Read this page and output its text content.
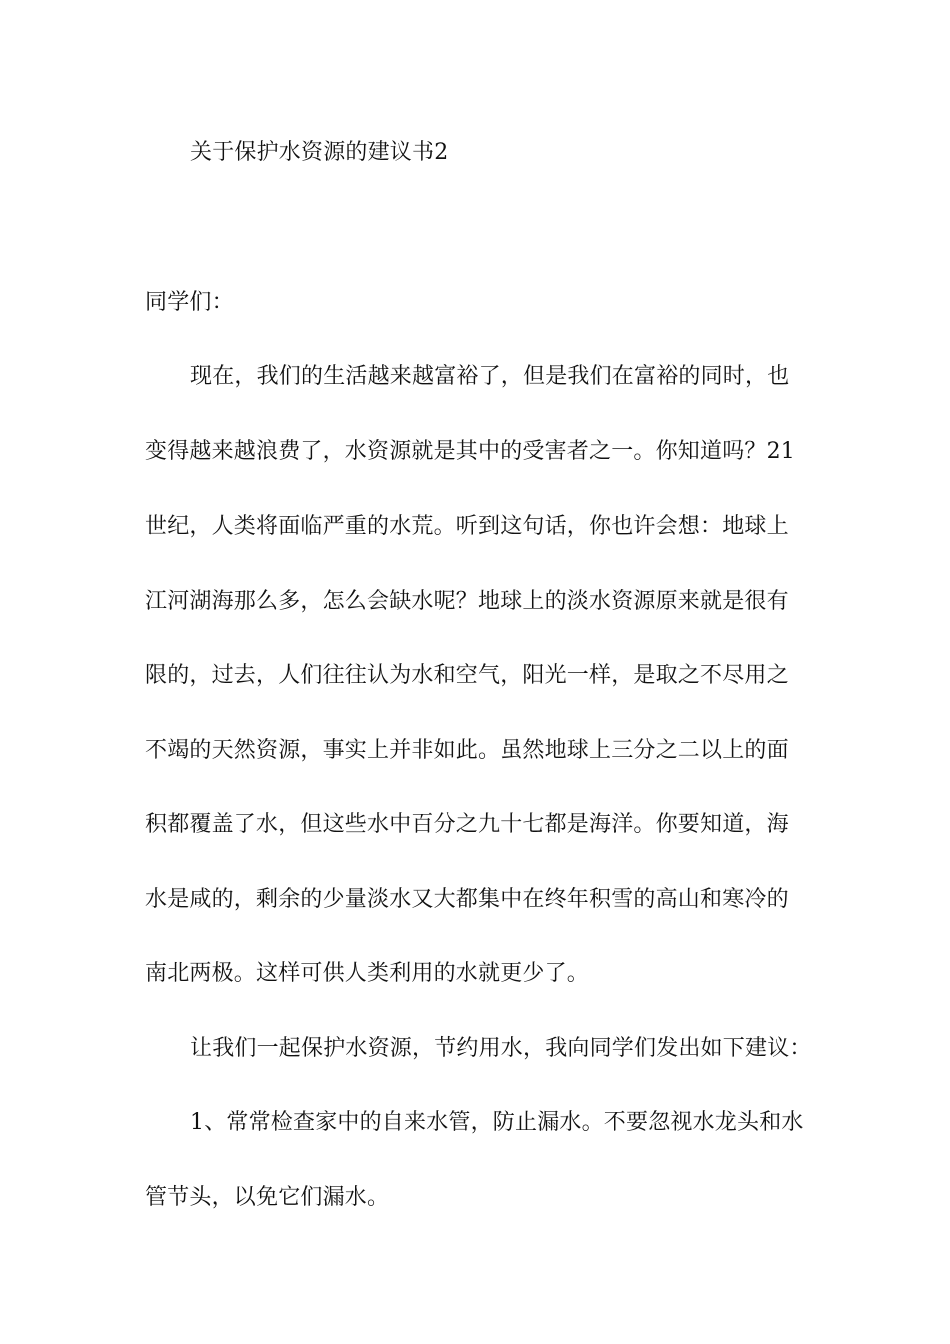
关于保护水资源的建议书2
同学们：
现在，我们的生活越来越富裕了，但是我们在富裕的同时，也
变得越来越浪费了，水资源就是其中的受害者之一。你知道吗？21
世纪，人类将面临严重的水荒。听到这句话，你也许会想：地球上
江河湖海那么多，怎么会缺水呢？地球上的淡水资源原来就是很有
限的，过去，人们往往认为水和空气，阳光一样，是取之不尽用之
不竭的天然资源，事实上并非如此。虽然地球上三分之二以上的面
积都覆盖了水，但这些水中百分之九十七都是海洋。你要知道，海
水是咸的，剩余的少量淡水又大都集中在终年积雪的高山和寒冷的
南北两极。这样可供人类利用的水就更少了。
让我们一起保护水资源，节约用水，我向同学们发出如下建议：
1、常常检查家中的自来水管，防止漏水。不要忽视水龙头和水
管节头，以免它们漏水。
